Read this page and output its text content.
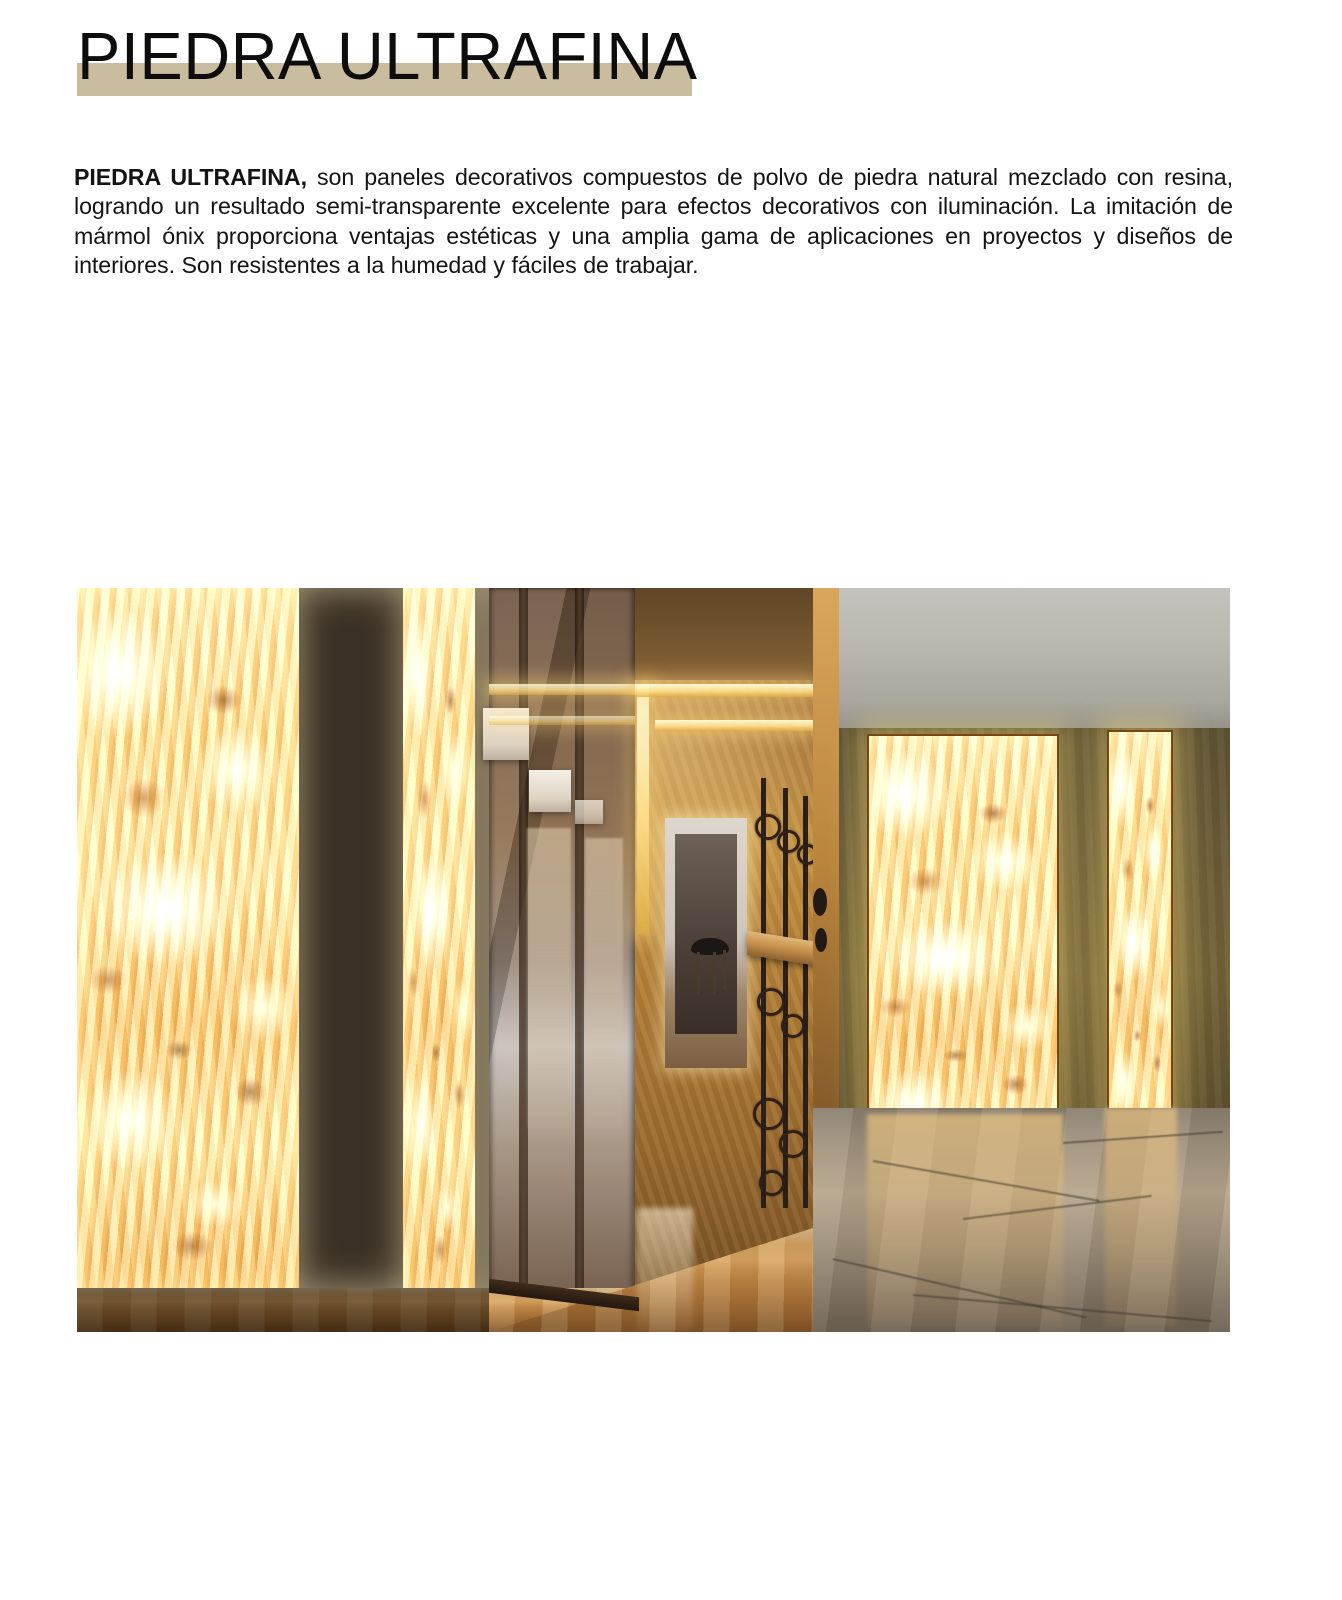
PIEDRA ULTRAFINA

PIEDRA ULTRAFINA, son paneles decorativos compuestos de polvo de piedra natural mezclado con resina, logrando un resultado semi-transparente excelente para efectos decorativos con iluminación. La imitación de mármol ónix proporciona ventajas estéticas y una amplia gama de aplicaciones en proyectos y diseños de interiores. Son resistentes a la humedad y fáciles de trabajar.
